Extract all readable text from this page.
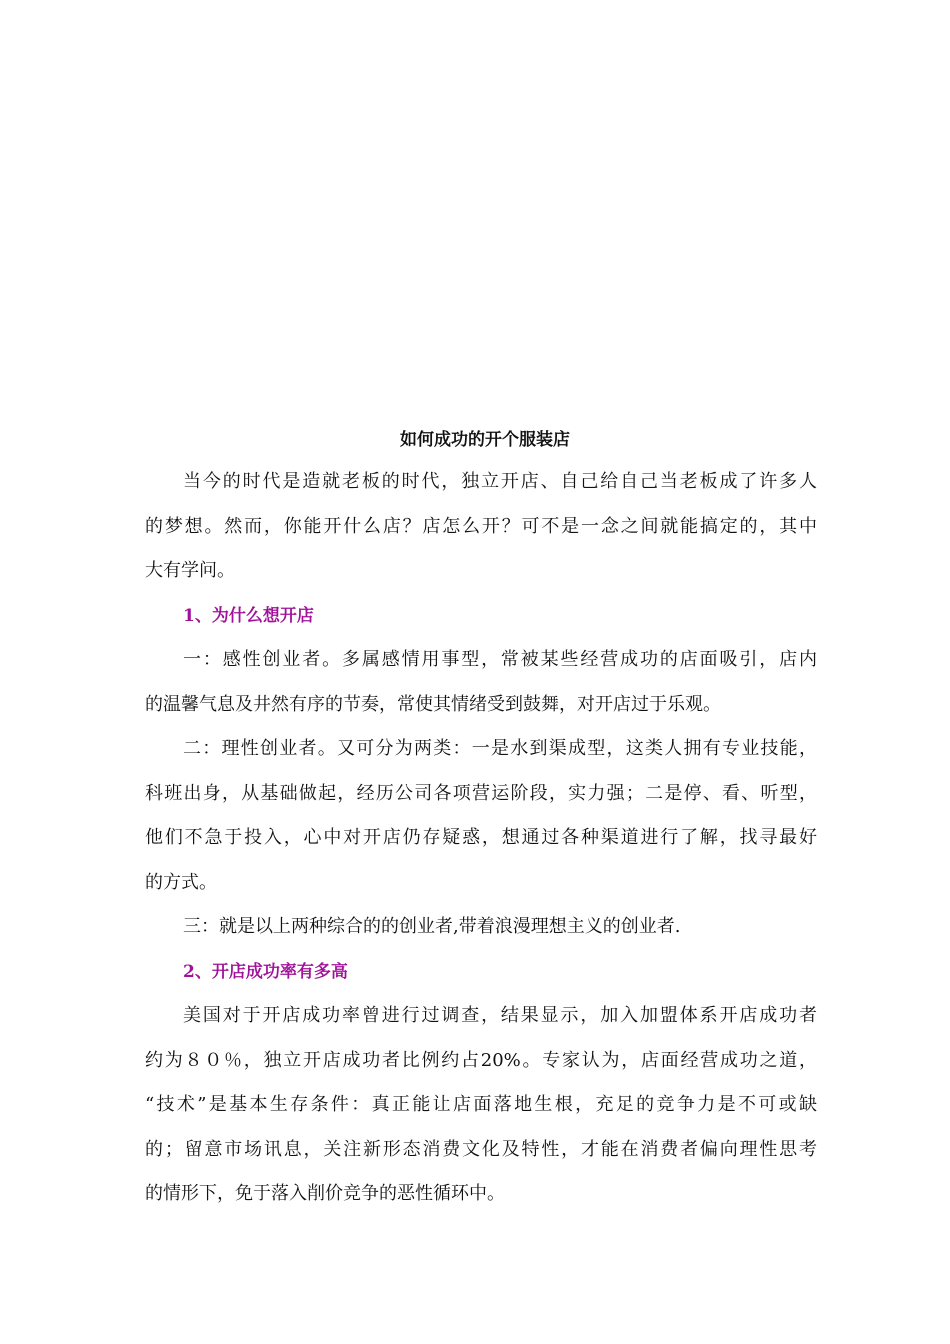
如何成功的开个服装店
当今的时代是造就老板的时代，独立开店、自己给自己当老板成了许多人
的梦想。然而，你能开什么店？店怎么开？可不是一念之间就能搞定的，其中
大有学问。
1、为什么想开店
一：感性创业者。多属感情用事型，常被某些经营成功的店面吸引，店内
的温馨气息及井然有序的节奏，常使其情绪受到鼓舞，对开店过于乐观。
二：理性创业者。又可分为两类：一是水到渠成型，这类人拥有专业技能，
科班出身，从基础做起，经历公司各项营运阶段，实力强；二是停、看、听型，
他们不急于投入，心中对开店仍存疑惑，想通过各种渠道进行了解，找寻最好
的方式。
三：就是以上两种综合的的创业者,带着浪漫理想主义的创业者.
2、开店成功率有多高
美国对于开店成功率曾进行过调查，结果显示，加入加盟体系开店成功者
约为８０％，独立开店成功者比例约占20%。专家认为，店面经营成功之道，
“技术”是基本生存条件：真正能让店面落地生根，充足的竞争力是不可或缺
的；留意市场讯息，关注新形态消费文化及特性，才能在消费者偏向理性思考
的情形下，免于落入削价竞争的恶性循环中。
